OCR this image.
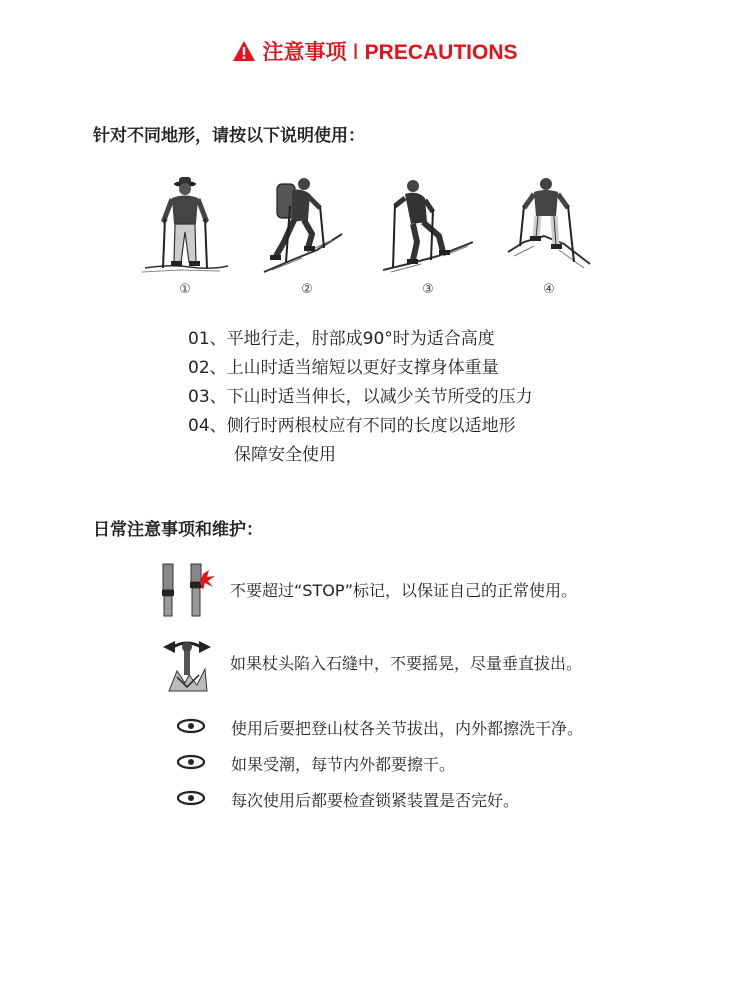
注意事项 I PRECAUTIONS
针对不同地形，请按以下说明使用：
①	②	③	④
01、平地行走，肘部成90°时为适合高度
02、上山时适当缩短以更好支撑身体重量
03、下山时适当伸长，以减少关节所受的压力
04、侧行时两根杖应有不同的长度以适地形
保障安全使用
日常注意事项和维护：
不要超过“STOP”标记，以保证自己的正常使用。
如果杖头陷入石缝中，不要摇晃，尽量垂直拔出。
使用后要把登山杖各关节拔出，内外都擦洗干净。
如果受潮，每节内外都要擦干。
每次使用后都要检查锁紧装置是否完好。
